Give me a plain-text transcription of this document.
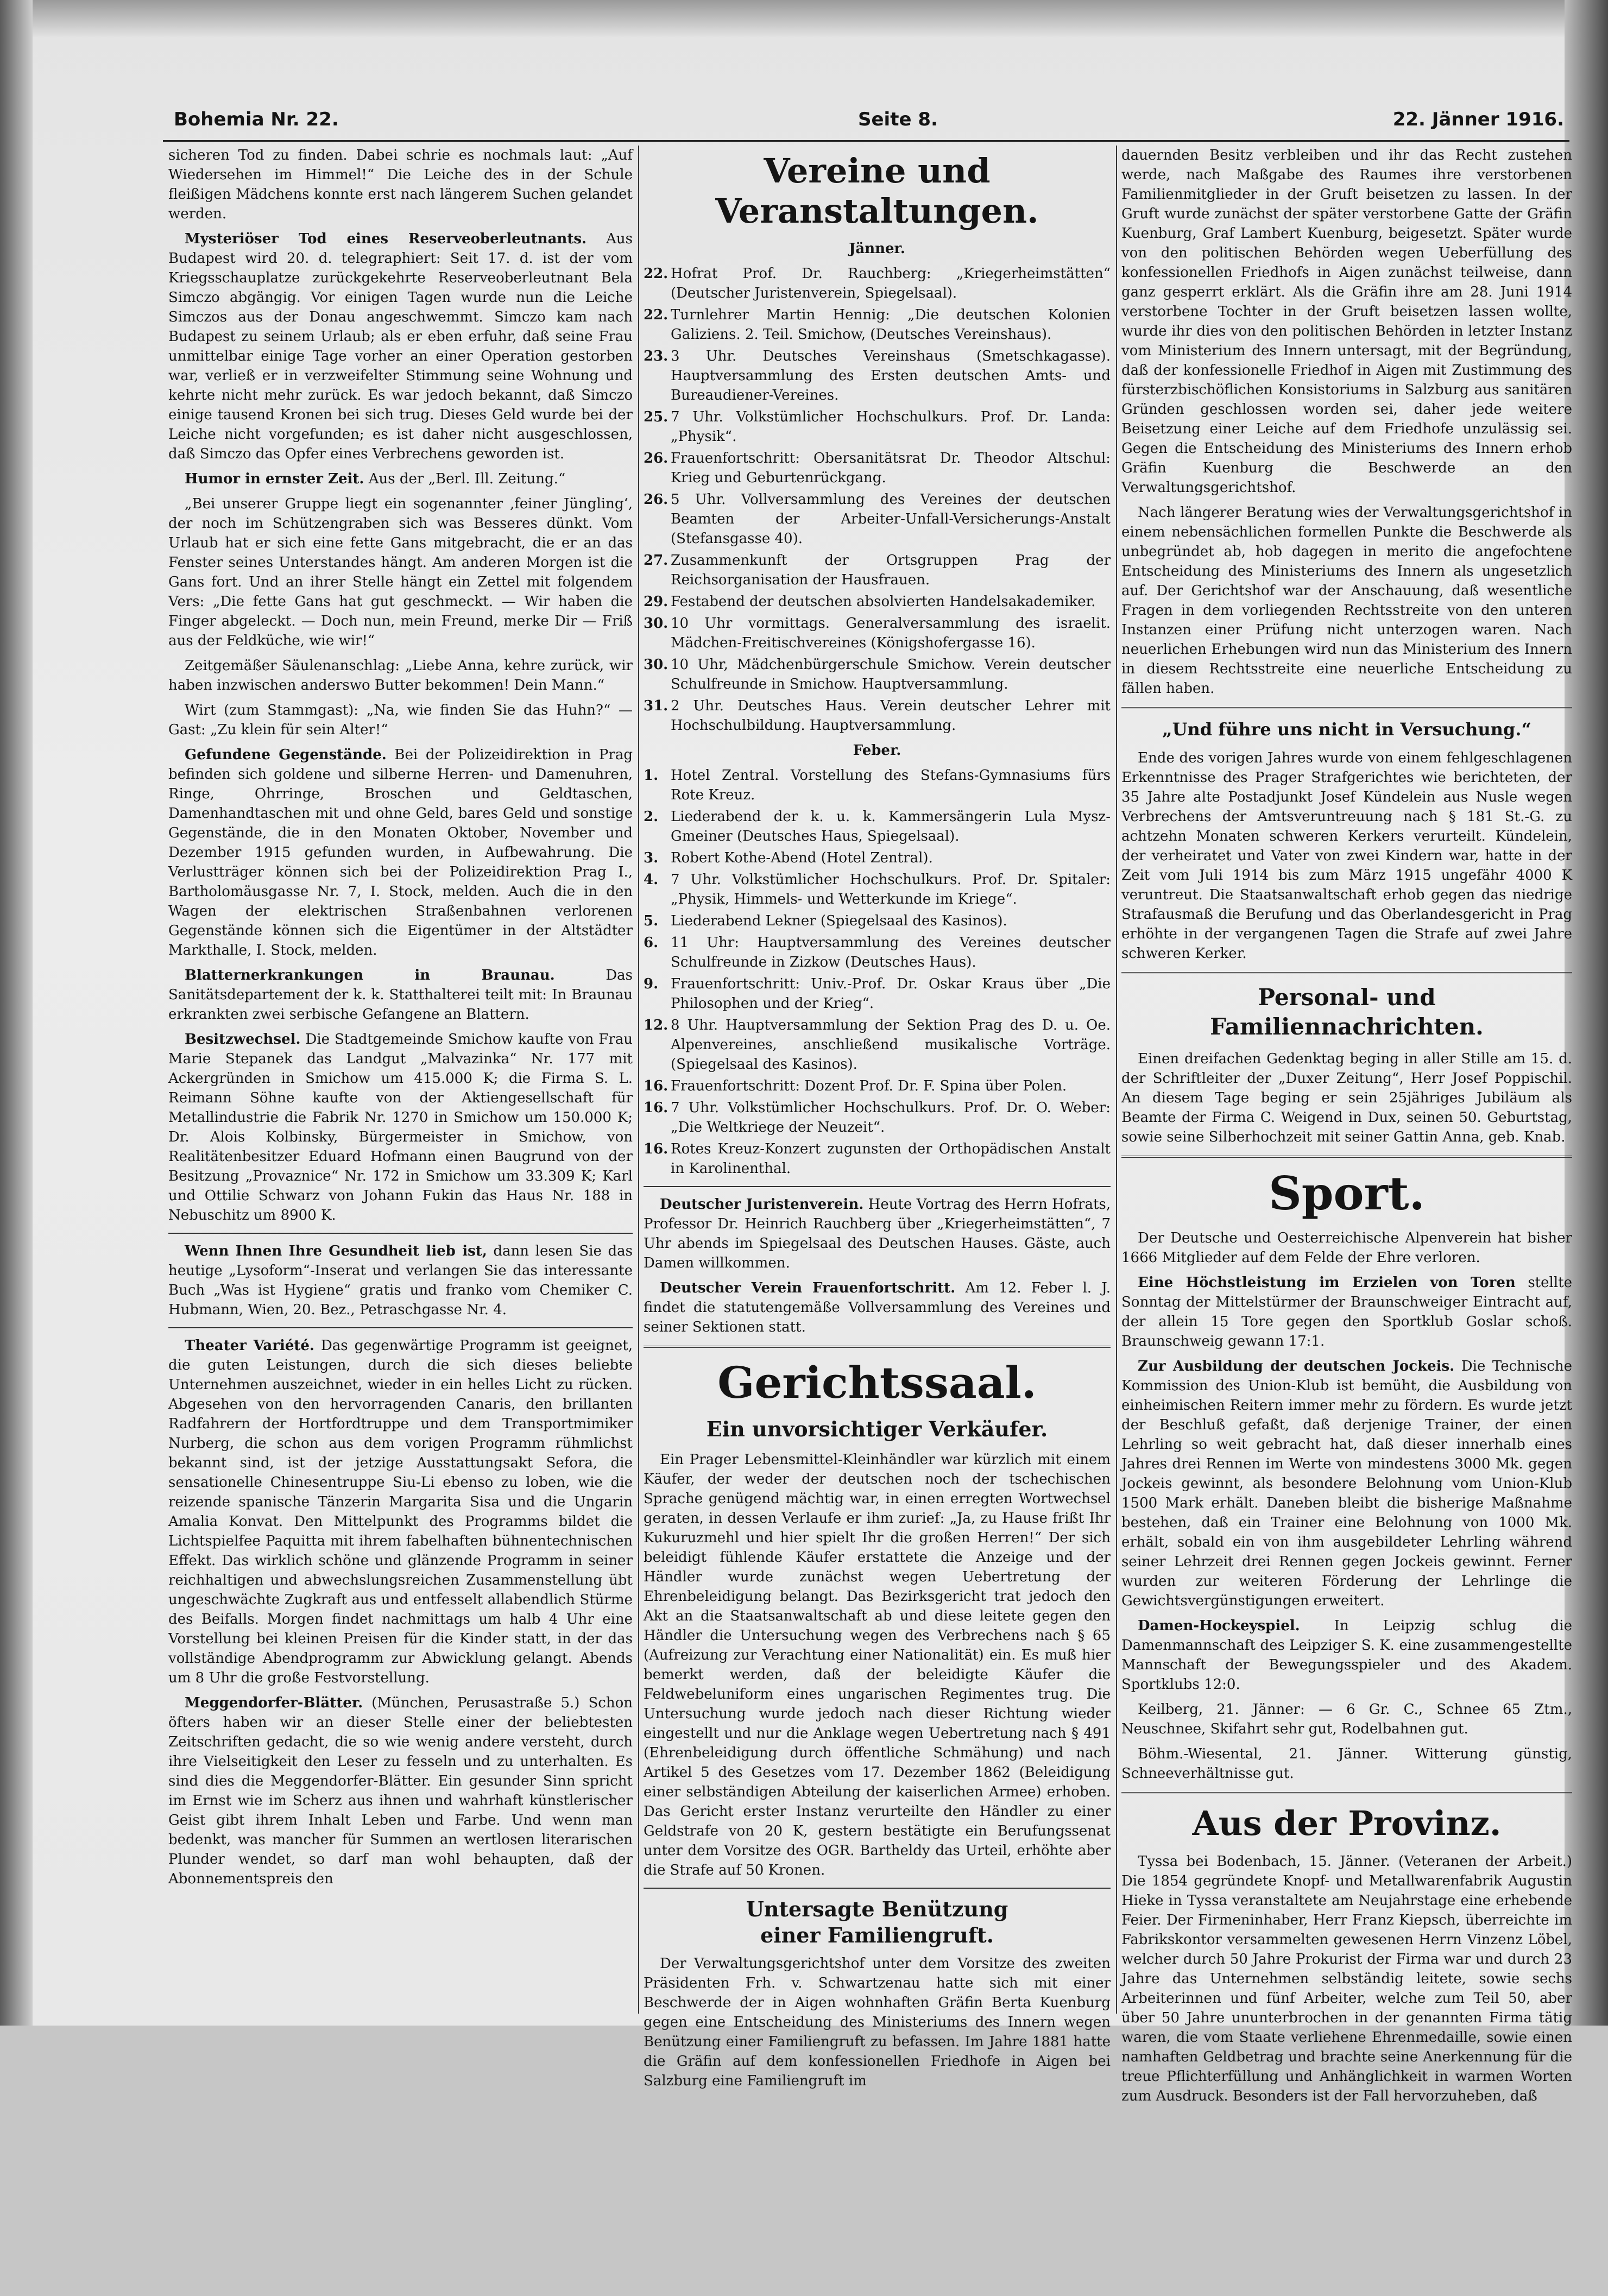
Bohemia Nr. 22.	Seite 8.	22. Jänner 1916.

sicheren Tod zu finden. Dabei schrie es nochmals laut: „Auf Wiedersehen im Himmel!“ Die Leiche des in der Schule fleißigen Mädchens konnte erst nach längerem Suchen gelandet werden.

Mysteriöser Tod eines Reserveoberleutnants. Aus Budapest wird 20. d. telegraphiert: Seit 17. d. ist der vom Kriegsschauplatze zurückgekehrte Reserveoberleutnant Bela Simczo abgängig. Vor einigen Tagen wurde nun die Leiche Simczos aus der Donau angeschwemmt. Simczo kam nach Budapest zu seinem Urlaub; als er eben erfuhr, daß seine Frau unmittelbar einige Tage vorher an einer Operation gestorben war, verließ er in verzweifelter Stimmung seine Wohnung und kehrte nicht mehr zurück. Es war jedoch bekannt, daß Simczo einige tausend Kronen bei sich trug. Dieses Geld wurde bei der Leiche nicht vorgefunden; es ist daher nicht ausgeschlossen, daß Simczo das Opfer eines Verbrechens geworden ist.

Humor in ernster Zeit. Aus der „Berl. Ill. Zeitung.“

„Bei unserer Gruppe liegt ein sogenannter ‚feiner Jüngling‘, der noch im Schützengraben sich was Besseres dünkt. Vom Urlaub hat er sich eine fette Gans mitgebracht, die er an das Fenster seines Unterstandes hängt. Am anderen Morgen ist die Gans fort. Und an ihrer Stelle hängt ein Zettel mit folgendem Vers: „Die fette Gans hat gut geschmeckt. — Wir haben die Finger abgeleckt. — Doch nun, mein Freund, merke Dir — Friß aus der Feldküche, wie wir!“

Zeitgemäßer Säulenanschlag: „Liebe Anna, kehre zurück, wir haben inzwischen anderswo Butter bekommen! Dein Mann.“

Wirt (zum Stammgast): „Na, wie finden Sie das Huhn?“ — Gast: „Zu klein für sein Alter!“

Gefundene Gegenstände. Bei der Polizeidirektion in Prag befinden sich goldene und silberne Herren- und Damenuhren, Ringe, Ohrringe, Broschen und Geldtaschen, Damenhandtaschen mit und ohne Geld, bares Geld und sonstige Gegenstände, die in den Monaten Oktober, November und Dezember 1915 gefunden wurden, in Aufbewahrung. Die Verlustträger können sich bei der Polizeidirektion Prag I., Bartholomäusgasse Nr. 7, I. Stock, melden. Auch die in den Wagen der elektrischen Straßenbahnen verlorenen Gegenstände können sich die Eigentümer in der Altstädter Markthalle, I. Stock, melden.

Blatternerkrankungen in Braunau.	Das Sanitätsdepartement der k. k. Statthalterei teilt mit: In Braunau erkrankten zwei serbische Gefangene an Blattern.

Besitzwechsel. Die Stadtgemeinde Smichow kaufte von Frau Marie Stepanek das Landgut „Malvazinka“ Nr. 177 mit Ackergründen in Smichow um 415.000 K; die Firma S. L. Reimann Söhne kaufte von der Aktiengesellschaft für Metallindustrie die Fabrik Nr. 1270 in Smichow um 150.000 K; Dr. Alois Kolbinsky, Bürgermeister in Smichow, von Realitätenbesitzer Eduard Hofmann einen Baugrund von der Besitzung „Provaznice“ Nr. 172 in Smichow um 33.309 K; Karl und Ottilie Schwarz von Johann Fukin das Haus Nr. 188 in Nebuschitz um 8900 K.

Wenn Ihnen Ihre Gesundheit lieb ist, dann lesen Sie das heutige „Lysoform“-Inserat und verlangen Sie das interessante Buch „Was ist Hygiene“ gratis und franko vom Chemiker C. Hubmann, Wien, 20. Bez., Petraschgasse Nr. 4.

Theater Variété. Das gegenwärtige Programm ist geeignet, die guten Leistungen, durch die sich dieses beliebte Unternehmen auszeichnet, wieder in ein helles Licht zu rücken. Abgesehen von den hervorragenden Canaris, den brillanten Radfahrern der Hortfordtruppe und dem Transportmimiker Nurberg, die schon aus dem vorigen Programm rühmlichst bekannt sind, ist der jetzige Ausstattungsakt Sefora, die sensationelle Chinesentruppe Siu-Li ebenso zu loben, wie die reizende spanische Tänzerin Margarita Sisa und die Ungarin Amalia Konvat. Den Mittelpunkt des Programms bildet die Lichtspielfee Paquitta mit ihrem fabelhaften bühnentechnischen Effekt. Das wirklich schöne und glänzende Programm in seiner reichhaltigen und abwechslungsreichen Zusammenstellung übt ungeschwächte Zugkraft aus und entfesselt allabendlich Stürme des Beifalls. Morgen findet nachmittags um halb 4 Uhr eine Vorstellung bei kleinen Preisen für die Kinder statt, in der das vollständige Abendprogramm zur Abwicklung gelangt. Abends um 8 Uhr die große Festvorstellung.

Meggendorfer-Blätter. (München, Perusastraße 5.) Schon öfters haben wir an dieser Stelle einer der beliebtesten Zeitschriften gedacht, die so wie wenig andere versteht, durch ihre Vielseitigkeit den Leser zu fesseln und zu unterhalten. Es sind dies die Meggendorfer-Blätter. Ein gesunder Sinn spricht im Ernst wie im Scherz aus ihnen und wahrhaft künstlerischer Geist gibt ihrem Inhalt Leben und Farbe. Und wenn man bedenkt, was mancher für Summen an wertlosen literarischen Plunder wendet, so darf man wohl behaupten, daß der Abonnementspreis den

Vereine und Veranstaltungen.

Jänner.

22. Hofrat Prof. Dr. Rauchberg: „Kriegerheimstätten“ (Deutscher Juristenverein, Spiegelsaal).
22. Turnlehrer Martin Hennig: „Die deutschen Kolonien Galiziens. 2. Teil. Smichow, (Deutsches Vereinshaus).
23. 3 Uhr. Deutsches Vereinshaus (Smetschkagasse). Hauptversammlung des Ersten deutschen Amts- und Bureaudiener-Vereines.
25. 7 Uhr. Volkstümlicher Hochschulkurs. Prof. Dr. Landa: „Physik“.
26. Frauenfortschritt: Obersanitätsrat Dr. Theodor Altschul: Krieg und Geburtenrückgang.
26. 5 Uhr. Vollversammlung des Vereines der deutschen Beamten der Arbeiter-Unfall-Versicherungs-Anstalt (Stefansgasse 40).
27. Zusammenkunft der Ortsgruppen Prag der Reichsorganisation der Hausfrauen.
29. Festabend der deutschen absolvierten Handelsakademiker.
30. 10 Uhr vormittags. Generalversammlung des israelit. Mädchen-Freitischvereines (Königshofergasse 16).
30. 10 Uhr, Mädchenbürgerschule Smichow. Verein deutscher Schulfreunde in Smichow. Hauptversammlung.
31. 2 Uhr. Deutsches Haus. Verein deutscher Lehrer mit Hochschulbildung. Hauptversammlung.

Feber.

1. Hotel Zentral. Vorstellung des Stefans-Gymnasiums fürs Rote Kreuz.
2. Liederabend der k. u. k. Kammersängerin Lula Mysz-Gmeiner (Deutsches Haus, Spiegelsaal).
3. Robert Kothe-Abend (Hotel Zentral).
4. 7 Uhr. Volkstümlicher Hochschulkurs. Prof. Dr. Spitaler: „Physik, Himmels- und Wetterkunde im Kriege“.
5. Liederabend Lekner (Spiegelsaal des Kasinos).
6. 11 Uhr: Hauptversammlung des Vereines deutscher Schulfreunde in Zizkow (Deutsches Haus).
9. Frauenfortschritt: Univ.-Prof. Dr. Oskar Kraus über „Die Philosophen und der Krieg“.
12. 8 Uhr. Hauptversammlung der Sektion Prag des D. u. Oe. Alpenvereines, anschließend musikalische Vorträge. (Spiegelsaal des Kasinos).
16. Frauenfortschritt: Dozent Prof. Dr. F. Spina über Polen.
16. 7 Uhr. Volkstümlicher Hochschulkurs. Prof. Dr. O. Weber: „Die Weltkriege der Neuzeit“.
16. Rotes Kreuz-Konzert zugunsten der Orthopädischen Anstalt in Karolinenthal.

Deutscher Juristenverein. Heute Vortrag des Herrn Hofrats, Professor Dr. Heinrich Rauchberg über „Kriegerheimstätten“, 7 Uhr abends im Spiegelsaal des Deutschen Hauses. Gäste, auch Damen willkommen.

Deutscher Verein Frauenfortschritt. Am 12. Feber l. J. findet die statutengemäße Vollversammlung des Vereines und seiner Sektionen statt.

Gerichtssaal.
Ein unvorsichtiger Verkäufer.

Ein Prager Lebensmittel-Kleinhändler war kürzlich mit einem Käufer, der weder der deutschen noch der tschechischen Sprache genügend mächtig war, in einen erregten Wortwechsel geraten, in dessen Verlaufe er ihm zurief: „Ja, zu Hause frißt Ihr Kukuruzmehl und hier spielt Ihr die großen Herren!“ Der sich beleidigt fühlende Käufer erstattete die Anzeige und der Händler wurde zunächst wegen Uebertretung der Ehrenbeleidigung belangt. Das Bezirksgericht trat jedoch den Akt an die Staatsanwaltschaft ab und diese leitete gegen den Händler die Untersuchung wegen des Verbrechens nach § 65 (Aufreizung zur Verachtung einer Nationalität) ein. Es muß hier bemerkt werden, daß der beleidigte Käufer die Feldwebeluniform eines ungarischen Regimentes trug. Die Untersuchung wurde jedoch nach dieser Richtung wieder eingestellt und nur die Anklage wegen Uebertretung nach § 491 (Ehrenbeleidigung durch öffentliche Schmähung) und nach Artikel 5 des Gesetzes vom 17. Dezember 1862 (Beleidigung einer selbständigen Abteilung der kaiserlichen Armee) erhoben. Das Gericht erster Instanz verurteilte den Händler zu einer Geldstrafe von 20 K, gestern bestätigte ein Berufungssenat unter dem Vorsitze des OGR. Bartheldy das Urteil, erhöhte aber die Strafe auf 50 Kronen.

Untersagte Benützung
einer Familiengruft.

Der Verwaltungsgerichtshof unter dem Vorsitze des zweiten Präsidenten Frh. v. Schwartzenau hatte sich mit einer Beschwerde der in Aigen wohnhaften Gräfin Berta Kuenburg gegen eine Entscheidung des Ministeriums des Innern wegen Benützung einer Familiengruft zu befassen. Im Jahre 1881 hatte die Gräfin auf dem konfessionellen Friedhofe in Aigen bei Salzburg eine Familiengruft im

dauernden Besitz verbleiben und ihr das Recht zustehen werde, nach Maßgabe des Raumes ihre verstorbenen Familienmitglieder in der Gruft beisetzen zu lassen. In der Gruft wurde zunächst der später verstorbene Gatte der Gräfin Kuenburg, Graf Lambert Kuenburg, beigesetzt. Später wurde von den politischen Behörden wegen Ueberfüllung des konfessionellen Friedhofs in Aigen zunächst teilweise, dann ganz gesperrt erklärt. Als die Gräfin ihre am 28. Juni 1914 verstorbene Tochter in der Gruft beisetzen lassen wollte, wurde ihr dies von den politischen Behörden in letzter Instanz vom Ministerium des Innern untersagt, mit der Begründung, daß der konfessionelle Friedhof in Aigen mit Zustimmung des fürsterzbischöflichen Konsistoriums in Salzburg aus sanitären Gründen geschlossen worden sei, daher jede weitere Beisetzung einer Leiche auf dem Friedhofe unzulässig sei. Gegen die Entscheidung des Ministeriums des Innern erhob Gräfin Kuenburg die Beschwerde an den Verwaltungsgerichtshof.

Nach längerer Beratung wies der Verwaltungsgerichtshof in einem nebensächlichen formellen Punkte die Beschwerde als unbegründet ab, hob dagegen in merito die angefochtene Entscheidung des Ministeriums des Innern als ungesetzlich auf. Der Gerichtshof war der Anschauung, daß wesentliche Fragen in dem vorliegenden Rechtsstreite von den unteren Instanzen einer Prüfung nicht unterzogen waren. Nach neuerlichen Erhebungen wird nun das Ministerium des Innern in diesem Rechtsstreite eine neuerliche Entscheidung zu fällen haben.

„Und führe uns nicht in Versuchung.“

Ende des vorigen Jahres wurde von einem fehlgeschlagenen Erkenntnisse des Prager Strafgerichtes wie berichteten, der 35 Jahre alte Postadjunkt Josef Kündelein aus Nusle wegen Verbrechens der Amtsveruntreuung nach § 181 St.-G. zu achtzehn Monaten schweren Kerkers verurteilt. Kündelein, der verheiratet und Vater von zwei Kindern war, hatte in der Zeit vom Juli 1914 bis zum März 1915 ungefähr 4000 K veruntreut. Die Staatsanwaltschaft erhob gegen das niedrige Strafausmaß die Berufung und das Oberlandesgericht in Prag erhöhte in der vergangenen Tagen die Strafe auf zwei Jahre schweren Kerker.

Personal- und Familiennachrichten.

Einen dreifachen Gedenktag beging in aller Stille am 15. d. der Schriftleiter der „Duxer Zeitung“, Herr Josef Poppischil. An diesem Tage beging er sein 25jähriges Jubiläum als Beamte der Firma C. Weigend in Dux, seinen 50. Geburtstag, sowie seine Silberhochzeit mit seiner Gattin Anna, geb. Knab.

Sport.

Der Deutsche und Oesterreichische Alpenverein hat bisher 1666 Mitglieder auf dem Felde der Ehre verloren.

Eine Höchstleistung im Erzielen von Toren stellte Sonntag der Mittelstürmer der Braunschweiger Eintracht auf, der allein 15 Tore gegen den Sportklub Goslar schoß. Braunschweig gewann 17:1.

Zur Ausbildung der deutschen Jockeis. Die Technische Kommission des Union-Klub ist bemüht, die Ausbildung von einheimischen Reitern immer mehr zu fördern. Es wurde jetzt der Beschluß gefaßt, daß derjenige Trainer, der einen Lehrling so weit gebracht hat, daß dieser innerhalb eines Jahres drei Rennen im Werte von mindestens 3000 Mk. gegen Jockeis gewinnt, als besondere Belohnung vom Union-Klub 1500 Mark erhält. Daneben bleibt die bisherige Maßnahme bestehen, daß ein Trainer eine Belohnung von 1000 Mk. erhält, sobald ein von ihm ausgebildeter Lehrling während seiner Lehrzeit drei Rennen gegen Jockeis gewinnt. Ferner wurden zur weiteren Förderung der Lehrlinge die Gewichtsvergünstigungen erweitert.

Damen-Hockeyspiel. In Leipzig schlug die Damenmannschaft des Leipziger S. K. eine zusammengestellte Mannschaft der Bewegungsspieler und des Akadem. Sportklubs 12:0.

Keilberg, 21. Jänner: — 6 Gr. C., Schnee 65 Ztm., Neuschnee, Skifahrt sehr gut, Rodelbahnen gut.

Böhm.-Wiesental, 21. Jänner. Witterung günstig, Schneeverhältnisse gut.

Aus der Provinz.

Tyssa bei Bodenbach, 15. Jänner. (Veteranen der Arbeit.) Die 1854 gegründete Knopf- und Metallwarenfabrik Augustin Hieke in Tyssa veranstaltete am Neujahrstage eine erhebende Feier. Der Firmeninhaber, Herr Franz Kiepsch, überreichte im Fabrikskontor versammelten gewesenen Herrn Vinzenz Löbel, welcher durch 50 Jahre Prokurist der Firma war und durch 23 Jahre das Unternehmen selbständig leitete, sowie sechs Arbeiterinnen und fünf Arbeiter, welche zum Teil 50, aber über 50 Jahre ununterbrochen in der genannten Firma tätig waren, die vom Staate verliehene Ehrenmedaille, sowie einen namhaften Geldbetrag und brachte seine Anerkennung für die treue Pflichterfüllung und Anhänglichkeit in warmen Worten zum Ausdruck. Besonders ist der Fall hervorzuheben, daß
